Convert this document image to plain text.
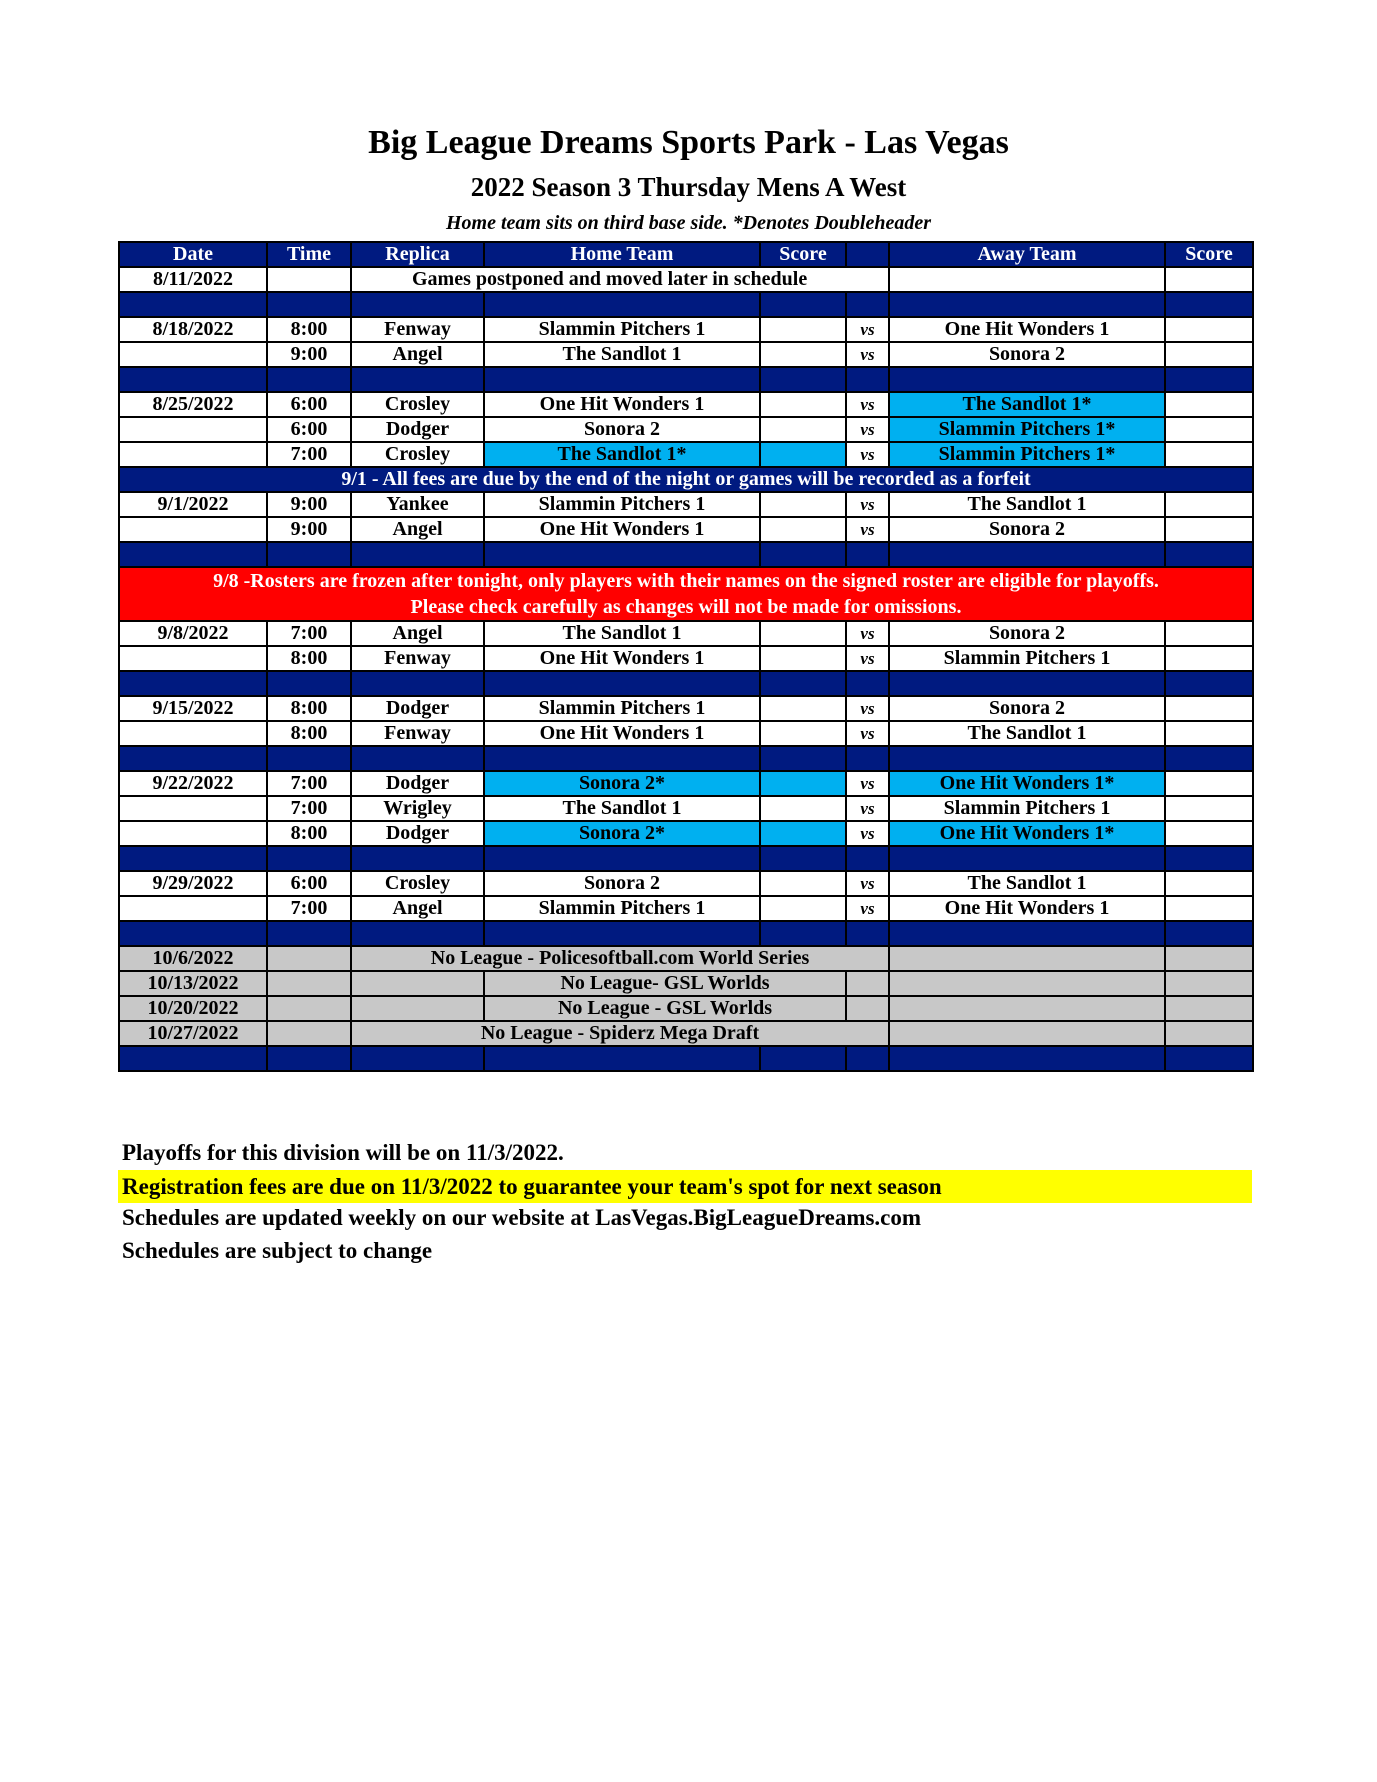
Big League Dreams Sports Park - Las Vegas
2022 Season 3 Thursday Mens A West
Home team sits on third base side. *Denotes Doubleheader
Date	Time	Replica	Home Team	Score		Away Team	Score
8/11/2022		Games postponed and moved later in schedule					

8/18/2022	8:00	Fenway	Slammin Pitchers 1		vs	One Hit Wonders 1	
	9:00	Angel	The Sandlot 1		vs	Sonora 2	

8/25/2022	6:00	Crosley	One Hit Wonders 1		vs	The Sandlot 1*	
	6:00	Dodger	Sonora 2		vs	Slammin Pitchers 1*	
	7:00	Crosley	The Sandlot 1*		vs	Slammin Pitchers 1*	
9/1 - All fees are due by the end of the night or games will be recorded as a forfeit							
9/1/2022	9:00	Yankee	Slammin Pitchers 1		vs	The Sandlot 1	
	9:00	Angel	One Hit Wonders 1		vs	Sonora 2	

9/8 -Rosters are frozen after tonight, only players with their names on the signed roster are eligible for playoffs.
Please check carefully as changes will not be made for omissions.							

9/8/2022	7:00	Angel	The Sandlot 1		vs	Sonora 2	
	8:00	Fenway	One Hit Wonders 1		vs	Slammin Pitchers 1	

9/15/2022	8:00	Dodger	Slammin Pitchers 1		vs	Sonora 2	
	8:00	Fenway	One Hit Wonders 1		vs	The Sandlot 1	

9/22/2022	7:00	Dodger	Sonora 2*		vs	One Hit Wonders 1*	
	7:00	Wrigley	The Sandlot 1		vs	Slammin Pitchers 1	
	8:00	Dodger	Sonora 2*		vs	One Hit Wonders 1*	

9/29/2022	6:00	Crosley	Sonora 2		vs	The Sandlot 1	
	7:00	Angel	Slammin Pitchers 1		vs	One Hit Wonders 1	

10/6/2022		No League - Policesoftball.com World Series					
10/13/2022			No League- GSL Worlds				
10/20/2022			No League - GSL Worlds				
10/27/2022		No League - Spiderz Mega Draft					

Playoffs for this division will be on 11/3/2022.
Registration fees are due on 11/3/2022 to guarantee your team's spot for next season
Schedules are updated weekly on our website at LasVegas.BigLeagueDreams.com
Schedules are subject to change
